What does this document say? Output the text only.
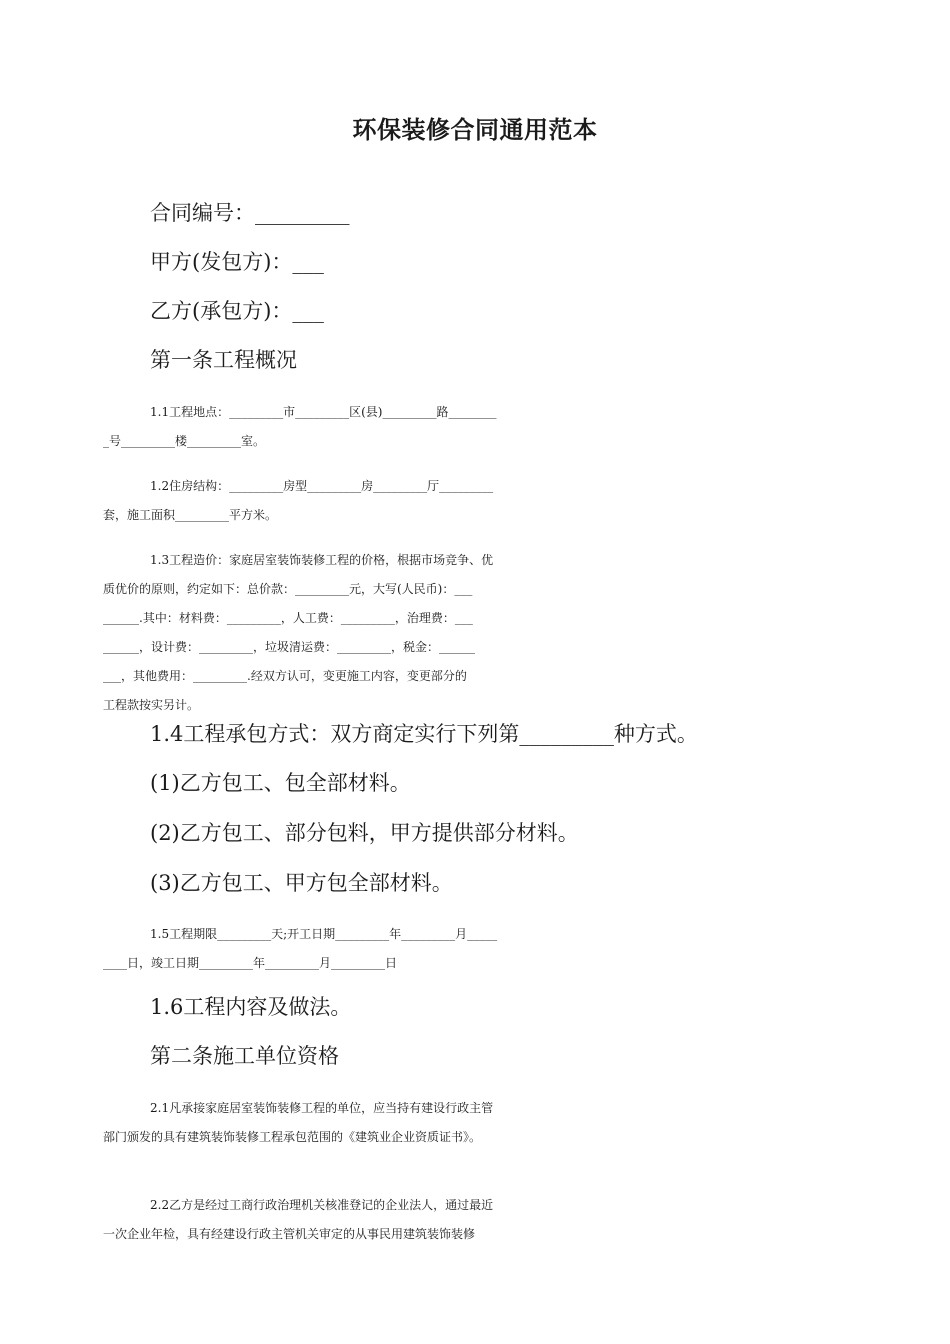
环保装修合同通用范本
合同编号：_________
甲方(发包方)：___
乙方(承包方)：___
第一条工程概况
1.1工程地点：_________市_________区(县)_________路________
_号_________楼_________室。
1.2住房结构：_________房型_________房_________厅_________
套，施工面积_________平方米。
1.3工程造价：家庭居室装饰装修工程的价格，根据市场竞争、优
质优价的原则，约定如下：总价款：_________元，大写(人民币)：___
______.其中：材料费：_________，人工费：_________，治理费：___
______，设计费：_________，垃圾清运费：_________，税金：______
___，其他费用：_________.经双方认可，变更施工内容，变更部分的
工程款按实另计。
1.4工程承包方式：双方商定实行下列第_________种方式。
(1)乙方包工、包全部材料。
(2)乙方包工、部分包料，甲方提供部分材料。
(3)乙方包工、甲方包全部材料。
1.5工程期限_________天;开工日期_________年_________月_____
____日，竣工日期_________年_________月_________日
1.6工程内容及做法。
第二条施工单位资格
2.1凡承接家庭居室装饰装修工程的单位，应当持有建设行政主管
部门颁发的具有建筑装饰装修工程承包范围的《建筑业企业资质证书》。
2.2乙方是经过工商行政治理机关核准登记的企业法人，通过最近
一次企业年检，具有经建设行政主管机关审定的从事民用建筑装饰装修
